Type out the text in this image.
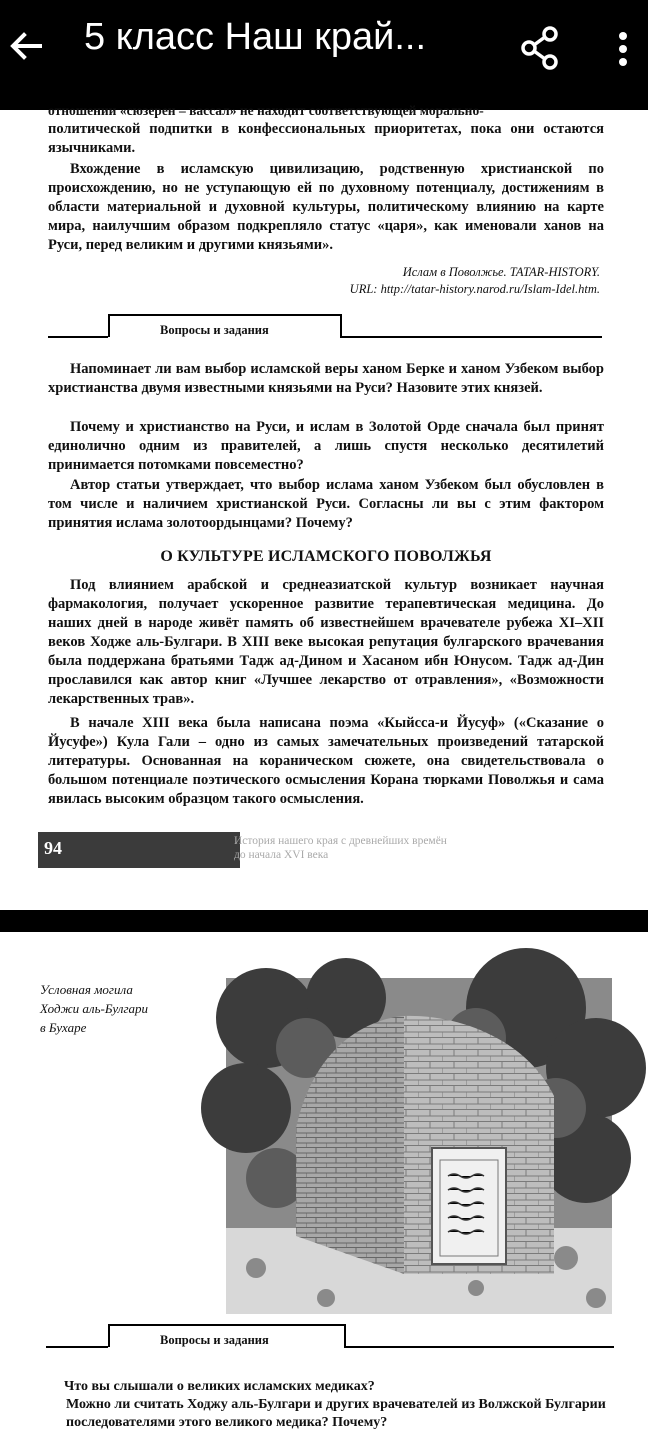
5 класс Наш край...
отношении «сюзерен – вассал» не находит соответствующей морально-
политической подпитки в конфессиональных приоритетах, пока они остаются язычниками.
Вхождение в исламскую цивилизацию, родственную христианской по происхождению, но не уступающую ей по духовному потенциалу, достижениям в области материальной и духовной культуры, политическому влиянию на карте мира, наилучшим образом подкрепляло статус «царя», как именовали ханов на Руси, перед великим и другими князьями».
Ислам в Поволжье. TATAR-HISTORY.
URL: http://tatar-history.narod.ru/Islam-Idel.htm.
Вопросы и задания
Напоминает ли вам выбор исламской веры ханом Берке и ханом Узбеком выбор христианства двумя известными князьями на Руси? Назовите этих князей.
Почему и христианство на Руси, и ислам в Золотой Орде сначала был принят единолично одним из правителей, а лишь спустя несколько десятилетий принимается потомками повсеместно?
Автор статьи утверждает, что выбор ислама ханом Узбеком был обусловлен в том числе и наличием христианской Руси. Согласны ли вы с этим фактором принятия ислама золотоордынцами? Почему?
О КУЛЬТУРЕ ИСЛАМСКОГО ПОВОЛЖЬЯ
Под влиянием арабской и среднеазиатской культур возникает научная фармакология, получает ускоренное развитие терапевтическая медицина. До наших дней в народе живёт память об известнейшем врачевателе рубежа XI–XII веков Ходже аль-Булгари. В XIII веке высокая репутация булгарского врачевания была поддержана братьями Тадж ад-Дином и Хасаном ибн Юнусом. Тадж ад-Дин прославился как автор книг «Лучшее лекарство от отравления», «Возможности лекарственных трав».
В начале XIII века была написана поэма «Кыйсса-и Йусуф» («Сказание о Йусуфе») Кула Гали – одно из самых замечательных произведений татарской литературы. Основанная на кораническом сюжете, она свидетельствовала о большом потенциале поэтического осмысления Корана тюрками Поволжья и сама явилась высоким образцом такого осмысления.
94	История нашего края с древнейших времён
до начала XVI века
Условная могила
Ходжи аль-Булгари
в Бухаре
Вопросы и задания
Что вы слышали о великих исламских медиках?
Можно ли считать Ходжу аль-Булгари и других врачевателей из Волжской Булгарии последователями этого великого медика? Почему?
